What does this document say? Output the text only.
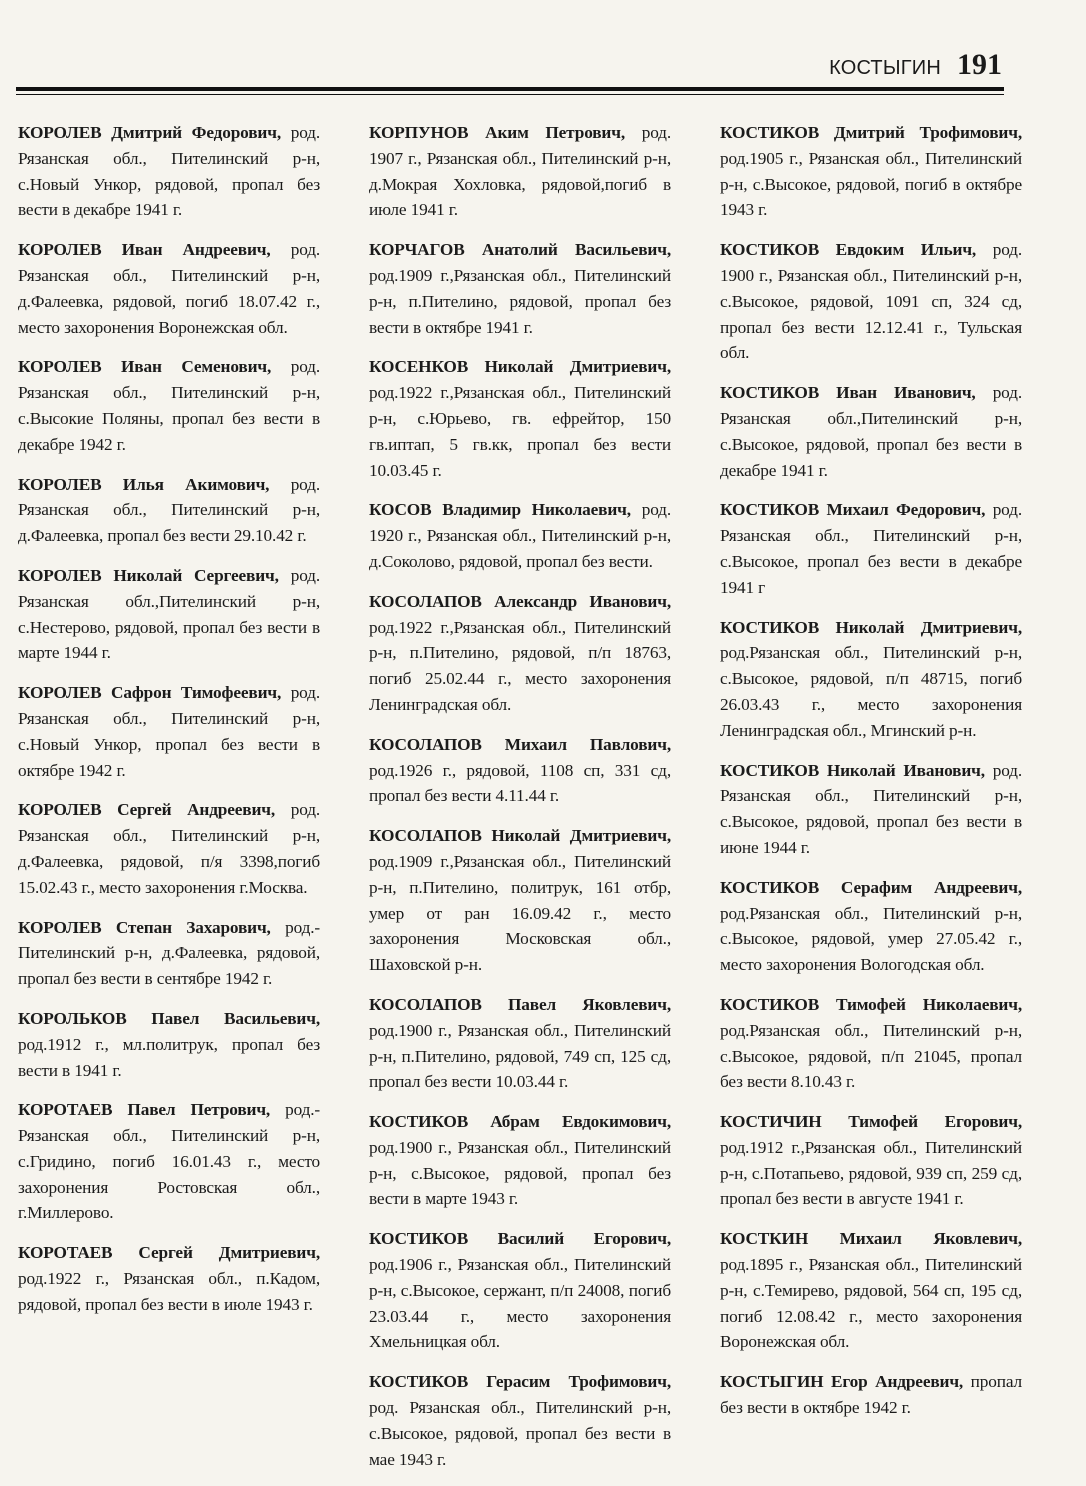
КОСТЫГИН 191

КОРОЛЕВ Дмитрий Федорович, род. Рязанская обл., Пителинский р-н, с.Новый Ункор, рядовой, пропал без вести в декабре 1941 г.

КОРОЛЕВ Иван Андреевич, род. Рязанская обл., Пителинский р-н, д.Фалеевка, рядовой, погиб 18.07.42 г., место захоронения Воронежская обл.

КОРОЛЕВ Иван Семенович, род. Рязанская обл., Пителинский р-н, с.Высокие Поляны, пропал без вести в декабре 1942 г.

КОРОЛЕВ Илья Акимович, род. Рязанская обл., Пителинский р-н, д.Фалеевка, пропал без вести 29.10.42 г.

КОРОЛЕВ Николай Сергеевич, род. Рязанская обл.,Пителинский р-н, с.Нестерово, рядовой, пропал без вести в марте 1944 г.

КОРОЛЕВ Сафрон Тимофеевич, род. Рязанская обл., Пителинский р-н, с.Новый Ункор, пропал без вести в октябре 1942 г.

КОРОЛЕВ Сергей Андреевич, род. Рязанская обл., Пителинский р-н, д.Фалеевка, рядовой, п/я 3398,погиб 15.02.43 г., место захоронения г.Москва.

КОРОЛЕВ Степан Захарович, род.- Пителинский р-н, д.Фалеевка, рядовой, пропал без вести в сентябре 1942 г.

КОРОЛЬКОВ Павел Васильевич, род.1912 г., мл.политрук, пропал без вести в 1941 г.

КОРОТАЕВ Павел Петрович, род.- Рязанская обл., Пителинский р-н, с.Гридино, погиб 16.01.43 г., место захоронения Ростовская обл., г.Миллерово.

КОРОТАЕВ Сергей Дмитриевич, род.1922 г., Рязанская обл., п.Кадом, рядовой, пропал без вести в июле 1943 г.

КОРПУНОВ Аким Петрович, род. 1907 г., Рязанская обл., Пителинский р-н, д.Мокрая Хохловка, рядовой,погиб в июле 1941 г.

КОРЧАГОВ Анатолий Васильевич, род.1909 г.,Рязанская обл., Пителинский р-н, п.Пителино, рядовой, пропал без вести в октябре 1941 г.

КОСЕНКОВ Николай Дмитриевич, род.1922 г.,Рязанская обл., Пителинский р-н, с.Юрьево, гв. ефрейтор, 150 гв.иптап, 5 гв.кк, пропал без вести 10.03.45 г.

КОСОВ Владимир Николаевич, род. 1920 г., Рязанская обл., Пителинский р-н, д.Соколово, рядовой, пропал без вести.

КОСОЛАПОВ Александр Иванович, род.1922 г.,Рязанская обл., Пителинский р-н, п.Пителино, рядовой, п/п 18763, погиб 25.02.44 г., место захоронения Ленинградская обл.

КОСОЛАПОВ Михаил Павлович, род.1926 г., рядовой, 1108 сп, 331 сд, пропал без вести 4.11.44 г.

КОСОЛАПОВ Николай Дмитриевич, род.1909 г.,Рязанская обл., Пителинский р-н, п.Пителино, политрук, 161 отбр, умер от ран 16.09.42 г., место захоронения Московская обл., Шаховской р-н.

КОСОЛАПОВ Павел Яковлевич, род.1900 г., Рязанская обл., Пителинский р-н, п.Пителино, рядовой, 749 сп, 125 сд, пропал без вести 10.03.44 г.

КОСТИКОВ Абрам Евдокимович, род.1900 г., Рязанская обл., Пителинский р-н, с.Высокое, рядовой, пропал без вести в марте 1943 г.

КОСТИКОВ Василий Егорович, род.1906 г., Рязанская обл., Пителинский р-н, с.Высокое, сержант, п/п 24008, погиб 23.03.44 г., место захоронения Хмельницкая обл.

КОСТИКОВ Герасим Трофимович, род. Рязанская обл., Пителинский р-н, с.Высокое, рядовой, пропал без вести в мае 1943 г.

КОСТИКОВ Дмитрий Трофимович, род.1905 г., Рязанская обл., Пителинский р-н, с.Высокое, рядовой, погиб в октябре 1943 г.

КОСТИКОВ Евдоким Ильич, род. 1900 г., Рязанская обл., Пителинский р-н, с.Высокое, рядовой, 1091 сп, 324 сд, пропал без вести 12.12.41 г., Тульская обл.

КОСТИКОВ Иван Иванович, род. Рязанская обл.,Пителинский р-н, с.Высокое, рядовой, пропал без вести в декабре 1941 г.

КОСТИКОВ Михаил Федорович, род. Рязанская обл., Пителинский р-н, с.Высокое, пропал без вести в декабре 1941 г

КОСТИКОВ Николай Дмитриевич, род.Рязанская обл., Пителинский р-н, с.Высокое, рядовой, п/п 48715, погиб 26.03.43 г., место захоронения Ленинградская обл., Мгинский р-н.

КОСТИКОВ Николай Иванович, род. Рязанская обл., Пителинский р-н, с.Высокое, рядовой, пропал без вести в июне 1944 г.

КОСТИКОВ Серафим Андреевич, род.Рязанская обл., Пителинский р-н, с.Высокое, рядовой, умер 27.05.42 г., место захоронения Вологодская обл.

КОСТИКОВ Тимофей Николаевич, род.Рязанская обл., Пителинский р-н, с.Высокое, рядовой, п/п 21045, пропал без вести 8.10.43 г.

КОСТИЧИН Тимофей Егорович, род.1912 г.,Рязанская обл., Пителинский р-н, с.Потапьево, рядовой, 939 сп, 259 сд, пропал без вести в августе 1941 г.

КОСТКИН Михаил Яковлевич, род.1895 г., Рязанская обл., Пителинский р-н, с.Темирево, рядовой, 564 сп, 195 сд, погиб 12.08.42 г., место захоронения Воронежская обл.

КОСТЫГИН Егор Андреевич, пропал без вести в октябре 1942 г.
